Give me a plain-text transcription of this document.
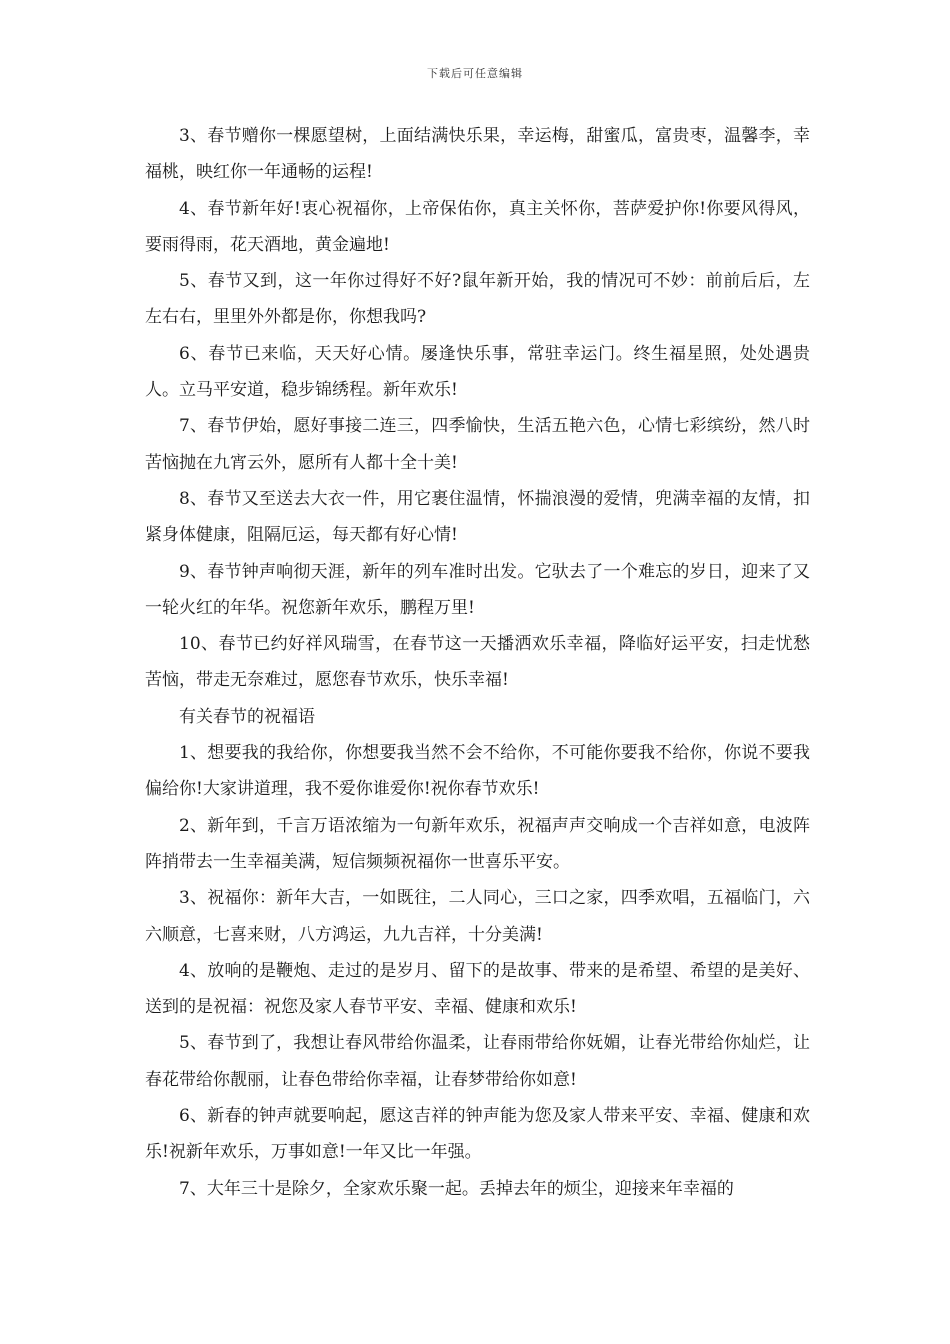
下载后可任意编辑

3、春节赠你一棵愿望树，上面结满快乐果，幸运梅，甜蜜瓜，富贵枣，温馨李，幸福桃，映红你一年通畅的运程!

4、春节新年好!衷心祝福你，上帝保佑你，真主关怀你，菩萨爱护你!你要风得风，要雨得雨，花天酒地，黄金遍地!

5、春节又到，这一年你过得好不好?鼠年新开始，我的情况可不妙：前前后后，左左右右，里里外外都是你，你想我吗?

6、春节已来临，天天好心情。屡逢快乐事，常驻幸运门。终生福星照，处处遇贵人。立马平安道，稳步锦绣程。新年欢乐!

7、春节伊始，愿好事接二连三，四季愉快，生活五艳六色，心情七彩缤纷，然八时苦恼抛在九宵云外，愿所有人都十全十美!

8、春节又至送去大衣一件，用它裹住温情，怀揣浪漫的爱情，兜满幸福的友情，扣紧身体健康，阻隔厄运，每天都有好心情!

9、春节钟声响彻天涯，新年的列车准时出发。它驮去了一个难忘的岁日，迎来了又一轮火红的年华。祝您新年欢乐，鹏程万里!

10、春节已约好祥风瑞雪，在春节这一天播洒欢乐幸福，降临好运平安，扫走忧愁苦恼，带走无奈难过，愿您春节欢乐，快乐幸福!

有关春节的祝福语

1、想要我的我给你，你想要我当然不会不给你，不可能你要我不给你，你说不要我偏给你!大家讲道理，我不爱你谁爱你!祝你春节欢乐!

2、新年到，千言万语浓缩为一句新年欢乐，祝福声声交响成一个吉祥如意，电波阵阵捎带去一生幸福美满，短信频频祝福你一世喜乐平安。

3、祝福你：新年大吉，一如既往，二人同心，三口之家，四季欢唱，五福临门，六六顺意，七喜来财，八方鸿运，九九吉祥，十分美满!

4、放响的是鞭炮、走过的是岁月、留下的是故事、带来的是希望、希望的是美好、送到的是祝福：祝您及家人春节平安、幸福、健康和欢乐!

5、春节到了，我想让春风带给你温柔，让春雨带给你妩媚，让春光带给你灿烂，让春花带给你靓丽，让春色带给你幸福，让春梦带给你如意!

6、新春的钟声就要响起，愿这吉祥的钟声能为您及家人带来平安、幸福、健康和欢乐!祝新年欢乐，万事如意!一年又比一年强。

7、大年三十是除夕，全家欢乐聚一起。丢掉去年的烦尘，迎接来年幸福的
